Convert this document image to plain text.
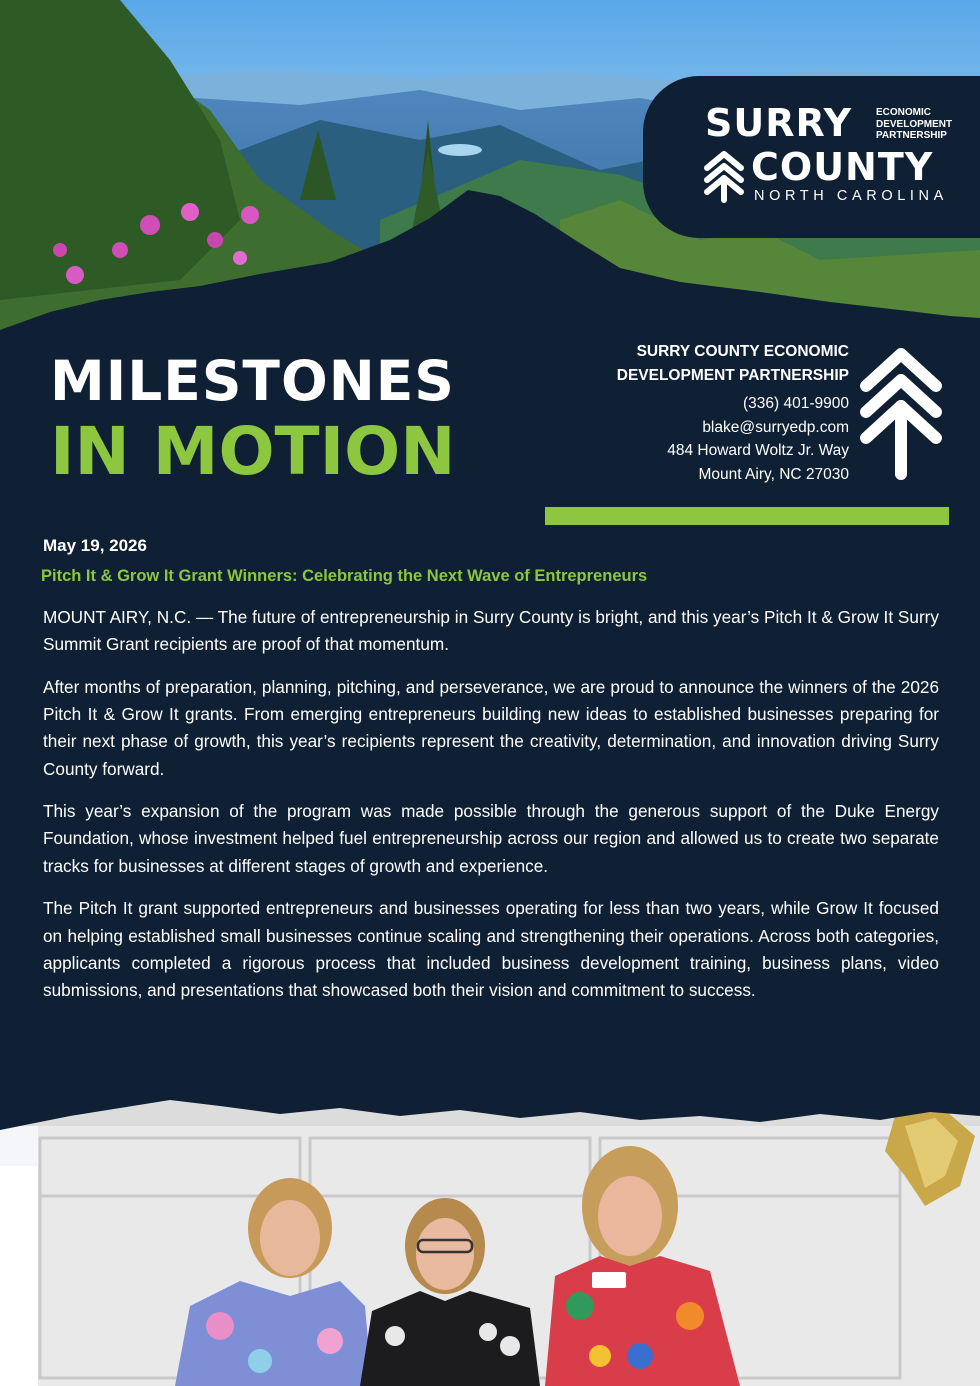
SURRY ECONOMIC
DEVELOPMENT
PARTNERSHIP
COUNTY
NORTH CAROLINA
MILESTONES
IN MOTION
SURRY COUNTY ECONOMIC
DEVELOPMENT PARTNERSHIP
(336) 401-9900
blake@surryedp.com
484 Howard Woltz Jr. Way
Mount Airy, NC 27030
May 19, 2026
Pitch It & Grow It Grant Winners: Celebrating the Next Wave of Entrepreneurs

MOUNT AIRY, N.C. — The future of entrepreneurship in Surry County is bright, and this year’s Pitch It & Grow It Surry Summit Grant recipients are proof of that momentum.

After months of preparation, planning, pitching, and perseverance, we are proud to announce the winners of the 2026 Pitch It & Grow It grants. From emerging entrepreneurs building new ideas to established businesses preparing for their next phase of growth, this year’s recipients represent the creativity, determination, and innovation driving Surry County forward.

This year’s expansion of the program was made possible through the generous support of the Duke Energy Foundation, whose investment helped fuel entrepreneurship across our region and allowed us to create two separate tracks for businesses at different stages of growth and experience.

The Pitch It grant supported entrepreneurs and businesses operating for less than two years, while Grow It focused on helping established small businesses continue scaling and strengthening their operations. Across both categories, applicants completed a rigorous process that included business development training, business plans, video submissions, and presentations that showcased both their vision and commitment to success.
